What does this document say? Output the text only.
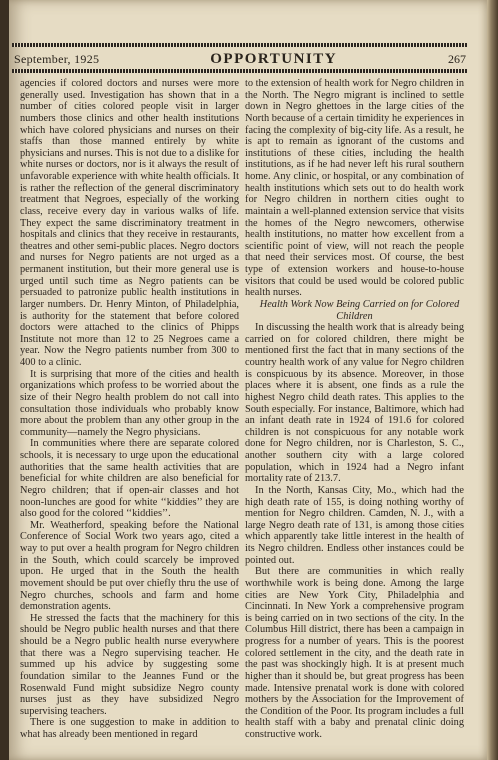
September, 1925	OPPORTUNITY	267

agencies if colored doctors and nurses were more generally used. Investigation has shown that in a number of cities colored people visit in larger numbers those clinics and other health institutions which have colored physicians and nurses on their staffs than those manned entirely by white physicians and nurses. This is not due to a dislike for white nurses or doctors, nor is it always the result of unfavorable experience with white health officials. It is rather the reflection of the general discriminatory treatment that Negroes, especially of the working class, receive every day in various walks of life. They expect the same discriminatory treatment in hospitals and clinics that they receive in restaurants, theatres and other semi-public places. Negro doctors and nurses for Negro patients are not urged as a permanent institution, but their more general use is urged until such time as Negro patients can be persuaded to patronize public health institutions in larger numbers. Dr. Henry Minton, of Philadelphia, is authority for the statement that before colored doctors were attached to the clinics of Phipps Institute not more than 12 to 25 Negroes came a year. Now the Negro patients number from 300 to 400 to a clinic.

It is surprising that more of the cities and health organizations which profess to be worried about the size of their Negro health problem do not call into consultation those individuals who probably know more about the problem than any other group in the community—namely the Negro physicians.

In communities where there are separate colored schools, it is necessary to urge upon the educational authorities that the same health activities that are beneficial for white children are also beneficial for Negro children; that if open-air classes and hot noon-lunches are good for white ‘‘kiddies’’ they are also good for the colored ‘‘kiddies’’.

Mr. Weatherford, speaking before the National Conference of Social Work two years ago, cited a way to put over a health program for Negro children in the South, which could scarcely be improved upon. He urged that in the South the health movement should be put over chiefly thru the use of Negro churches, schools and farm and home demonstration agents.

He stressed the facts that the machinery for this should be Negro public health nurses and that there should be a Negro public health nurse everywhere that there was a Negro supervising teacher. He summed up his advice by suggesting some foundation similar to the Jeannes Fund or the Rosenwald Fund might subsidize Negro county nurses just as they have subsidized Negro supervising teachers.

There is one suggestion to make in addition to what has already been mentioned in regard

to the extension of health work for Negro children in the North. The Negro migrant is inclined to settle down in Negro ghettoes in the large cities of the North because of a certain timidity he experiences in facing the complexity of big-city life. As a result, he is apt to remain as ignorant of the customs and institutions of these cities, including the health institutions, as if he had never left his rural southern home. Any clinic, or hospital, or any combination of health institutions which sets out to do health work for Negro children in northern cities ought to maintain a well-planned extension service that visits the homes of the Negro newcomers, otherwise health institutions, no matter how excellent from a scientific point of view, will not reach the people that need their services most. Of course, the best type of extension workers and house-to-house visitors that could be used would be colored public health nurses.

Health Work Now Being Carried on for Colored Children

In discussing the health work that is already being carried on for colored children, there might be mentioned first the fact that in many sections of the country health work of any value for Negro children is conspicuous by its absence. Moreover, in those places where it is absent, one finds as a rule the highest Negro child death rates. This applies to the South especially. For instance, Baltimore, which had an infant death rate in 1924 of 191.6 for colored children is not conspicuous for any notable work done for Negro children, nor is Charleston, S. C., another southern city with a large colored population, which in 1924 had a Negro infant mortality rate of 213.7.

In the North, Kansas City, Mo., which had the high death rate of 155, is doing nothing worthy of mention for Negro children. Camden, N. J., with a large Negro death rate of 131, is among those cities which apparently take little interest in the health of its Negro children. Endless other instances could be pointed out.

But there are communities in which really worthwhile work is being done. Among the large cities are New York City, Philadelphia and Cincinnati. In New York a comprehensive program is being carried on in two sections of the city. In the Columbus Hill district, there has been a campaign in progress for a number of years. This is the poorest colored settlement in the city, and the death rate in the past was shockingly high. It is at present much higher than it should be, but great progress has been made. Intensive prenatal work is done with colored mothers by the Association for the Improvement of the Condition of the Poor. Its program includes a full health staff with a baby and prenatal clinic doing constructive work.
